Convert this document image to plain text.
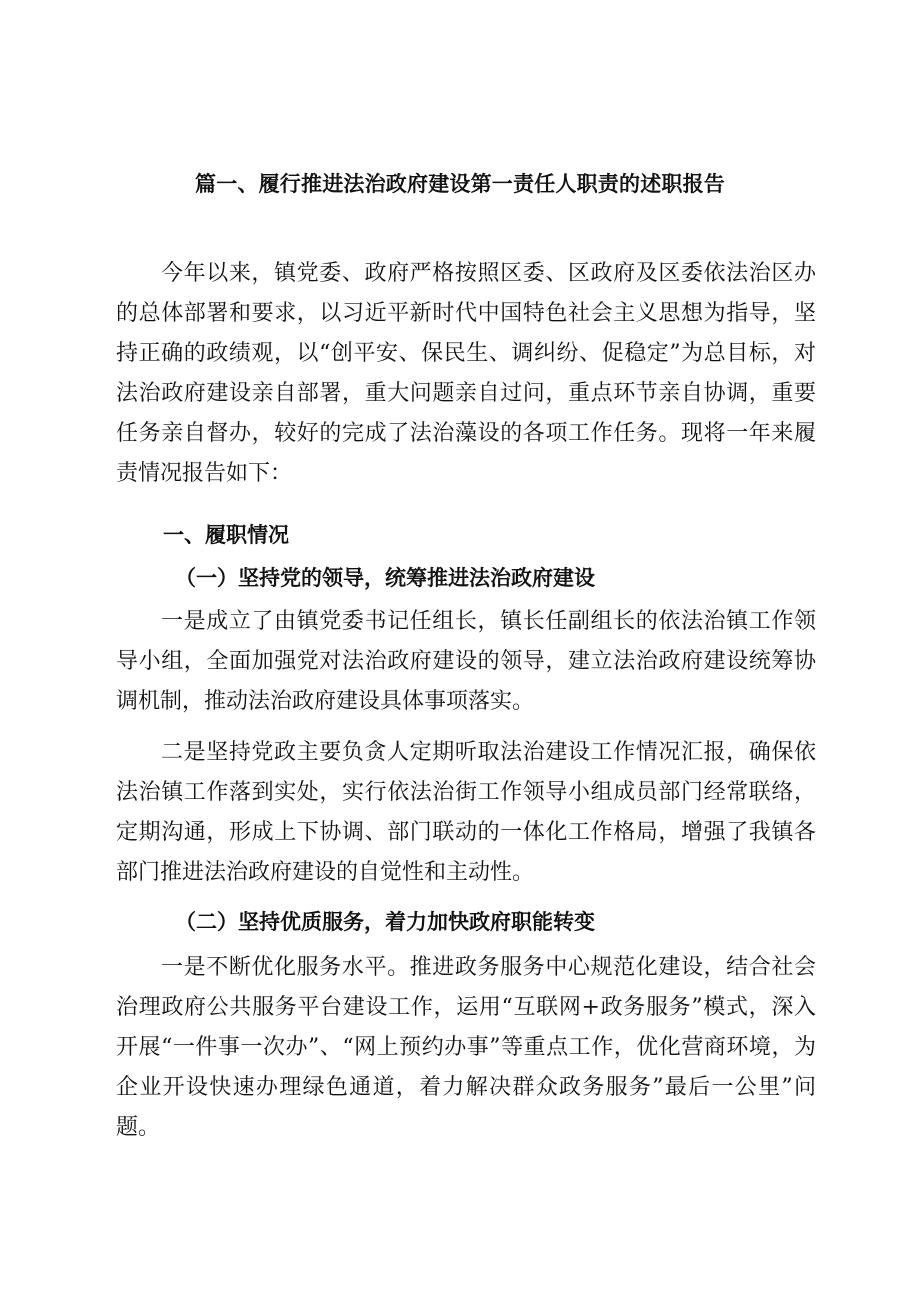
篇一、履行推进法治政府建设第一责任人职责的述职报告

今年以来，镇党委、政府严格按照区委、区政府及区委依法治区办的总体部署和要求，以习近平新时代中国特色社会主义思想为指导，坚持正确的政绩观，以“创平安、保民生、调纠纷、促稳定”为总目标，对法治政府建设亲自部署，重大问题亲自过问，重点环节亲自协调，重要任务亲自督办，较好的完成了法治藻设的各项工作任务。现将一年来履责情况报告如下：

一、履职情况
（一）坚持党的领导，统筹推进法治政府建设

一是成立了由镇党委书记任组长，镇长任副组长的依法治镇工作领导小组，全面加强党对法治政府建设的领导，建立法治政府建设统筹协调机制，推动法治政府建设具体事项落实。

二是坚持党政主要负贪人定期听取法治建设工作情况汇报，确保依法治镇工作落到实处，实行依法治街工作领导小组成员部门经常联络，定期沟通，形成上下协调、部门联动的一体化工作格局，增强了我镇各部门推进法治政府建设的自觉性和主动性。

（二）坚持优质服务，着力加快政府职能转变

一是不断优化服务水平。推进政务服务中心规范化建设，结合社会治理政府公共服务平台建设工作，运用“互联网+政务服务”模式，深入开展“一件事一次办”、“网上预约办事”等重点工作，优化营商环境，为企业开设快速办理绿色通道，着力解决群众政务服务”最后一公里”问题。
